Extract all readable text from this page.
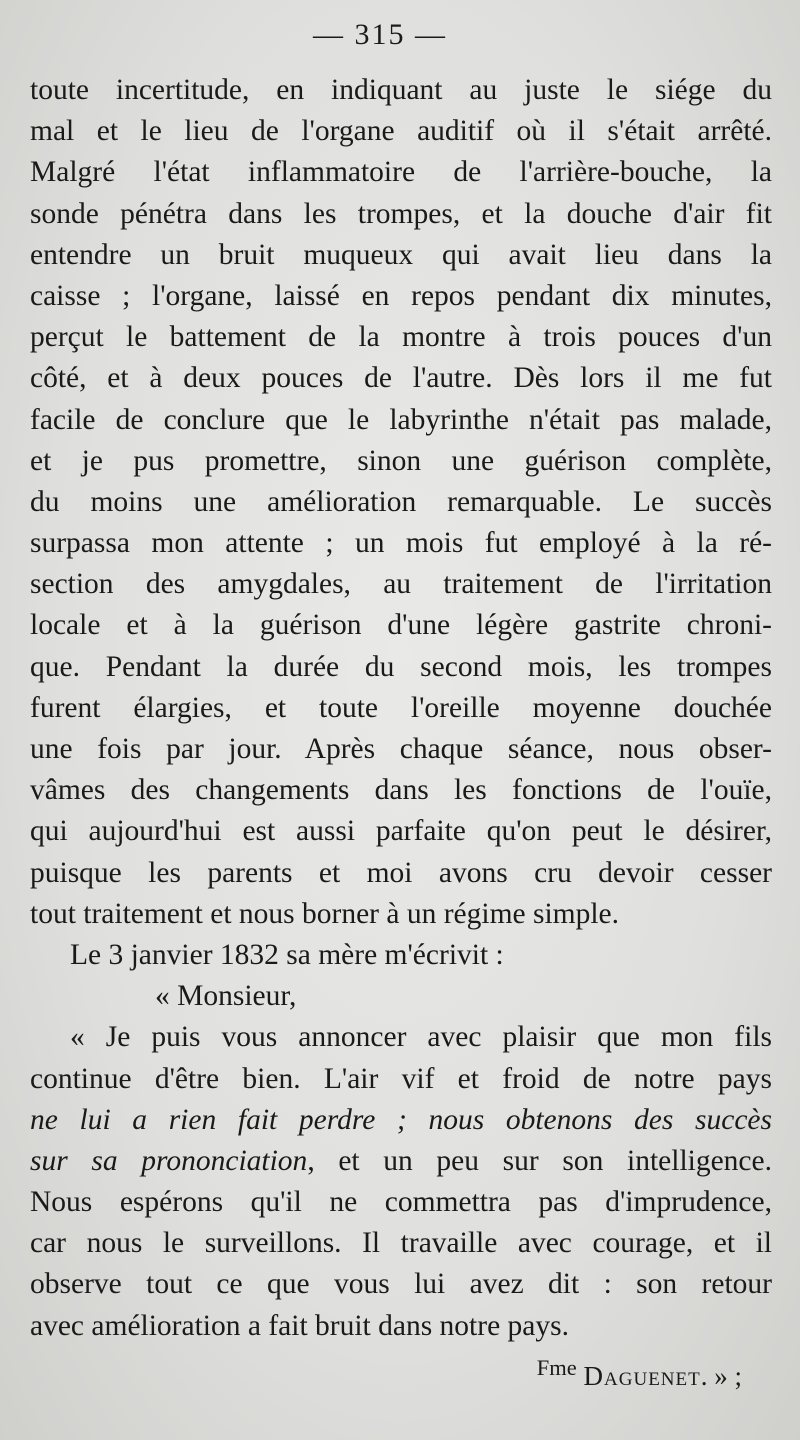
— 315 —
toute incertitude, en indiquant au juste le siége du
mal et le lieu de l'organe auditif où il s'était arrêté.
Malgré l'état inflammatoire de l'arrière-bouche, la
sonde pénétra dans les trompes, et la douche d'air fit
entendre un bruit muqueux qui avait lieu dans la
caisse ; l'organe, laissé en repos pendant dix minutes,
perçut le battement de la montre à trois pouces d'un
côté, et à deux pouces de l'autre. Dès lors il me fut
facile de conclure que le labyrinthe n'était pas malade,
et je pus promettre, sinon une guérison complète,
du moins une amélioration remarquable. Le succès
surpassa mon attente ; un mois fut employé à la ré-
section des amygdales, au traitement de l'irritation
locale et à la guérison d'une légère gastrite chroni-
que. Pendant la durée du second mois, les trompes
furent élargies, et toute l'oreille moyenne douchée
une fois par jour. Après chaque séance, nous obser-
vâmes des changements dans les fonctions de l'ouïe,
qui aujourd'hui est aussi parfaite qu'on peut le désirer,
puisque les parents et moi avons cru devoir cesser
tout traitement et nous borner à un régime simple.
Le 3 janvier 1832 sa mère m'écrivit :
« Monsieur,
« Je puis vous annoncer avec plaisir que mon fils
continue d'être bien. L'air vif et froid de notre pays
ne lui a rien fait perdre ; nous obtenons des succès
sur sa prononciation, et un peu sur son intelligence.
Nous espérons qu'il ne commettra pas d'imprudence,
car nous le surveillons. Il travaille avec courage, et il
observe tout ce que vous lui avez dit : son retour
avec amélioration a fait bruit dans notre pays.
$^{Fme}$ Daguenet. » ;
